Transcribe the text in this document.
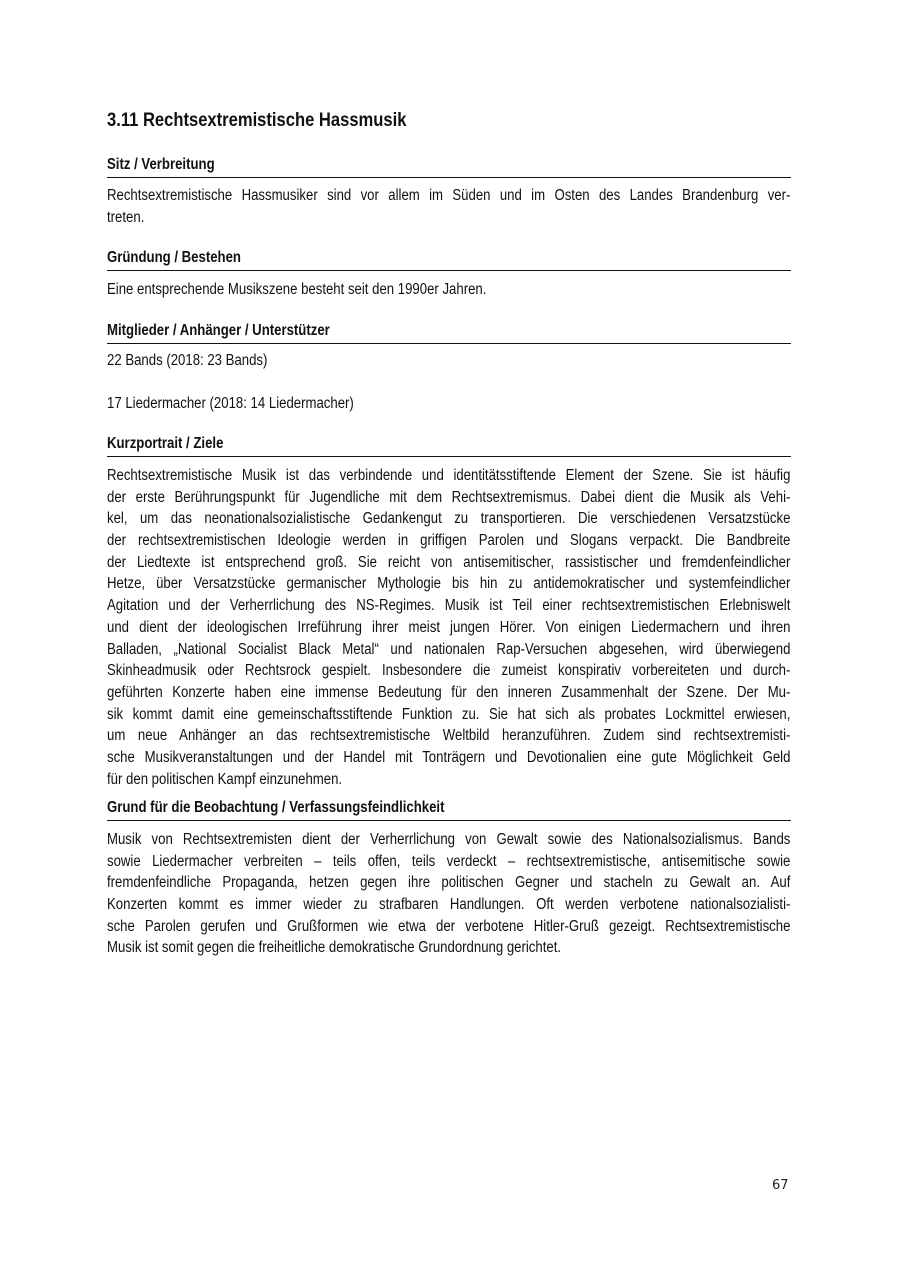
3.11 Rechtsextremistische Hassmusik
Sitz / Verbreitung
Rechtsextremistische Hassmusiker sind vor allem im Süden und im Osten des Landes Brandenburg ver-
treten.
Gründung / Bestehen
Eine entsprechende Musikszene besteht seit den 1990er Jahren.
Mitglieder / Anhänger / Unterstützer
22 Bands (2018: 23 Bands)
17 Liedermacher (2018: 14 Liedermacher)
Kurzportrait / Ziele
Rechtsextremistische Musik ist das verbindende und identitätsstiftende Element der Szene. Sie ist häufig
der erste Berührungspunkt für Jugendliche mit dem Rechtsextremismus. Dabei dient die Musik als Vehi-
kel, um das neonationalsozialistische Gedankengut zu transportieren. Die verschiedenen Versatzstücke
der rechtsextremistischen Ideologie werden in griffigen Parolen und Slogans verpackt. Die Bandbreite
der Liedtexte ist entsprechend groß. Sie reicht von antisemitischer, rassistischer und fremdenfeindlicher
Hetze, über Versatzstücke germanischer Mythologie bis hin zu antidemokratischer und systemfeindlicher
Agitation und der Verherrlichung des NS-Regimes. Musik ist Teil einer rechtsextremistischen Erlebniswelt
und dient der ideologischen Irreführung ihrer meist jungen Hörer. Von einigen Liedermachern und ihren
Balladen, „National Socialist Black Metal“ und nationalen Rap-Versuchen abgesehen, wird überwiegend
Skinheadmusik oder Rechtsrock gespielt. Insbesondere die zumeist konspirativ vorbereiteten und durch-
geführten Konzerte haben eine immense Bedeutung für den inneren Zusammenhalt der Szene. Der Mu-
sik kommt damit eine gemeinschaftsstiftende Funktion zu. Sie hat sich als probates Lockmittel erwiesen,
um neue Anhänger an das rechtsextremistische Weltbild heranzuführen. Zudem sind rechtsextremisti-
sche Musikveranstaltungen und der Handel mit Tonträgern und Devotionalien eine gute Möglichkeit Geld
für den politischen Kampf einzunehmen.
Grund für die Beobachtung / Verfassungsfeindlichkeit
Musik von Rechtsextremisten dient der Verherrlichung von Gewalt sowie des Nationalsozialismus. Bands
sowie Liedermacher verbreiten – teils offen, teils verdeckt – rechtsextremistische, antisemitische sowie
fremdenfeindliche Propaganda, hetzen gegen ihre politischen Gegner und stacheln zu Gewalt an. Auf
Konzerten kommt es immer wieder zu strafbaren Handlungen. Oft werden verbotene nationalsozialisti-
sche Parolen gerufen und Grußformen wie etwa der verbotene Hitler-Gruß gezeigt. Rechtsextremistische
Musik ist somit gegen die freiheitliche demokratische Grundordnung gerichtet.
67
